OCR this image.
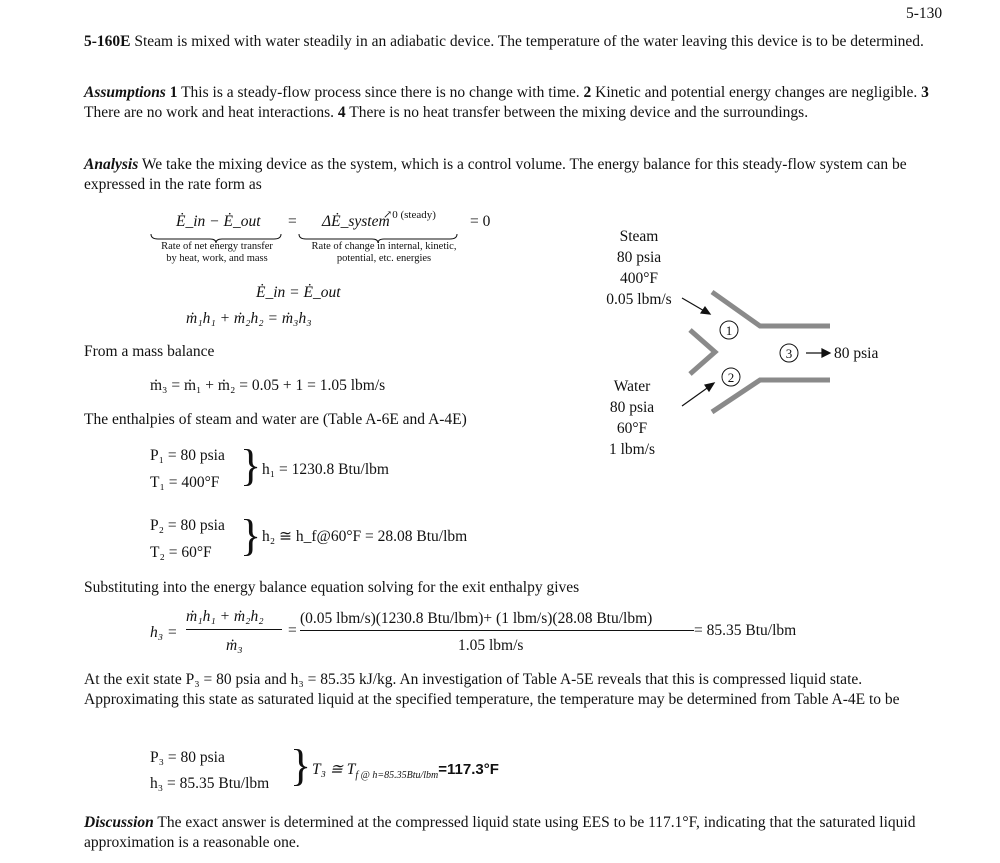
5-130
5-160E Steam is mixed with water steadily in an adiabatic device. The temperature of the water leaving this device is to be determined.
Assumptions 1 This is a steady-flow process since there is no change with time. 2 Kinetic and potential energy changes are negligible. 3 There are no work and heat interactions. 4 There is no heat transfer between the mixing device and the surroundings.
Analysis We take the mixing device as the system, which is a control volume. The energy balance for this steady-flow system can be expressed in the rate form as
Ė_in − Ė_out = ΔĖ_system
↗0 (steady) = 0
Rate of net energy transfer
by heat, work, and mass
Rate of change in internal, kinetic,
potential, etc. energies
Ė_in = Ė_out
ṁ₁h₁ + ṁ₂h₂ = ṁ₃h₃
From a mass balance
ṁ₃ = ṁ₁ + ṁ₂ = 0.05 + 1 = 1.05 lbm/s
The enthalpies of steam and water are (Table A-6E and A-4E)
P₁ = 80 psia
T₁ = 400°F } h₁ = 1230.8 Btu/lbm
P₂ = 80 psia
T₂ = 60°F } h₂ ≅ h_f@60°F = 28.08 Btu/lbm
Substituting into the energy balance equation solving for the exit enthalpy gives
h₃ =
ṁ₁h₁ + ṁ₂h₂
ṁ₃
=
(0.05 lbm/s)(1230.8 Btu/lbm)+ (1 lbm/s)(28.08 Btu/lbm)
1.05 lbm/s
= 85.35 Btu/lbm
At the exit state P₃ = 80 psia and h₃ = 85.35 kJ/kg. An investigation of Table A-5E reveals that this is compressed liquid state. Approximating this state as saturated liquid at the specified temperature, the temperature may be determined from Table A-4E to be
P₃ = 80 psia
h₃ = 85.35 Btu/lbm } T₃ ≅ $T_{f @ h=85.35Btu/lbm}=117.3^\circ F$
Discussion The exact answer is determined at the compressed liquid state using EES to be 117.1°F, indicating that the saturated liquid approximation is a reasonable one.
Steam
80 psia
400°F
0.05 lbm/s
Water
80 psia
60°F
1 lbm/s
1
2
3	80 psia
